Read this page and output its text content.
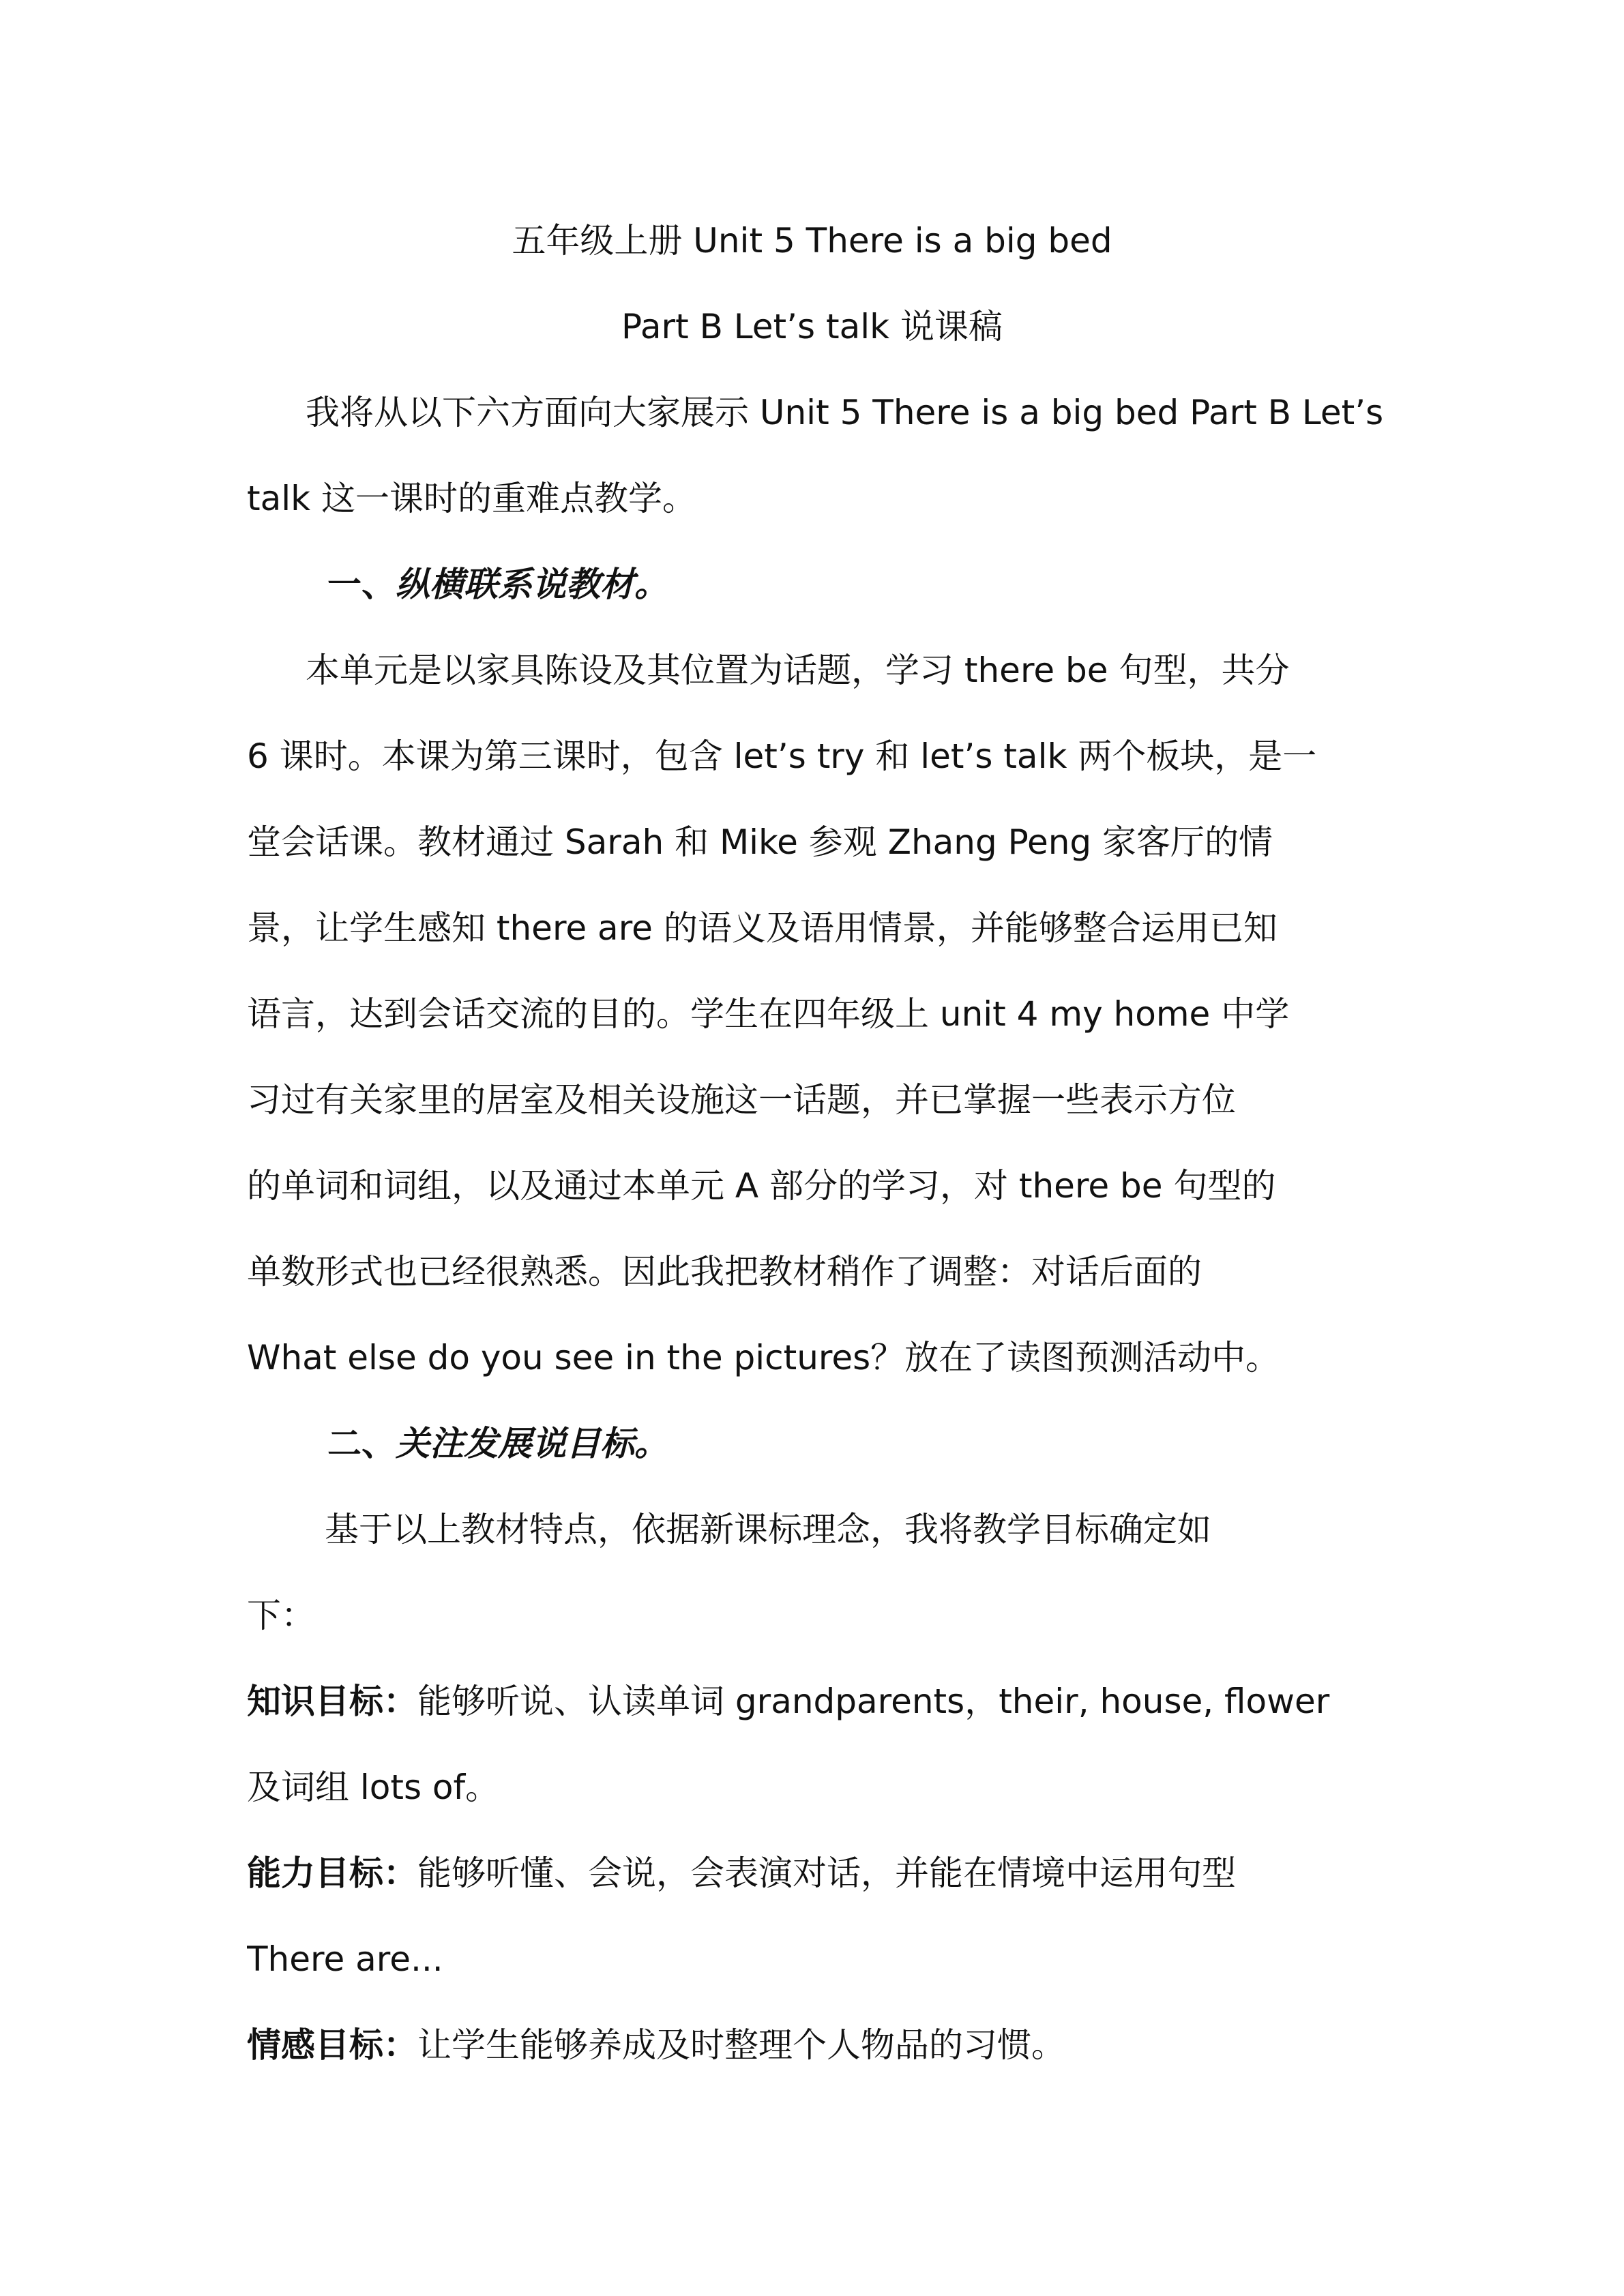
五年级上册 Unit 5 There is a big bed
Part B Let’s talk 说课稿
我将从以下六方面向大家展示 Unit 5 There is a big bed Part B Let’s
talk 这一课时的重难点教学。
一、纵横联系说教材。
本单元是以家具陈设及其位置为话题，学习 there be 句型，共分
6 课时。本课为第三课时，包含 let’s try 和 let’s talk 两个板块，是一
堂会话课。教材通过 Sarah 和 Mike 参观 Zhang Peng 家客厅的情
景，让学生感知 there are 的语义及语用情景，并能够整合运用已知
语言，达到会话交流的目的。学生在四年级上 unit 4 my home 中学
习过有关家里的居室及相关设施这一话题，并已掌握一些表示方位
的单词和词组，以及通过本单元 A 部分的学习，对 there be 句型的
单数形式也已经很熟悉。因此我把教材稍作了调整：对话后面的
What else do you see in the pictures？放在了读图预测活动中。
二、关注发展说目标。
基于以上教材特点，依据新课标理念，我将教学目标确定如
下：
知识目标：能够听说、认读单词 grandparents，their, house, flower
及词组 lots of。
能力目标：能够听懂、会说，会表演对话，并能在情境中运用句型
There are...
情感目标：让学生能够养成及时整理个人物品的习惯。
